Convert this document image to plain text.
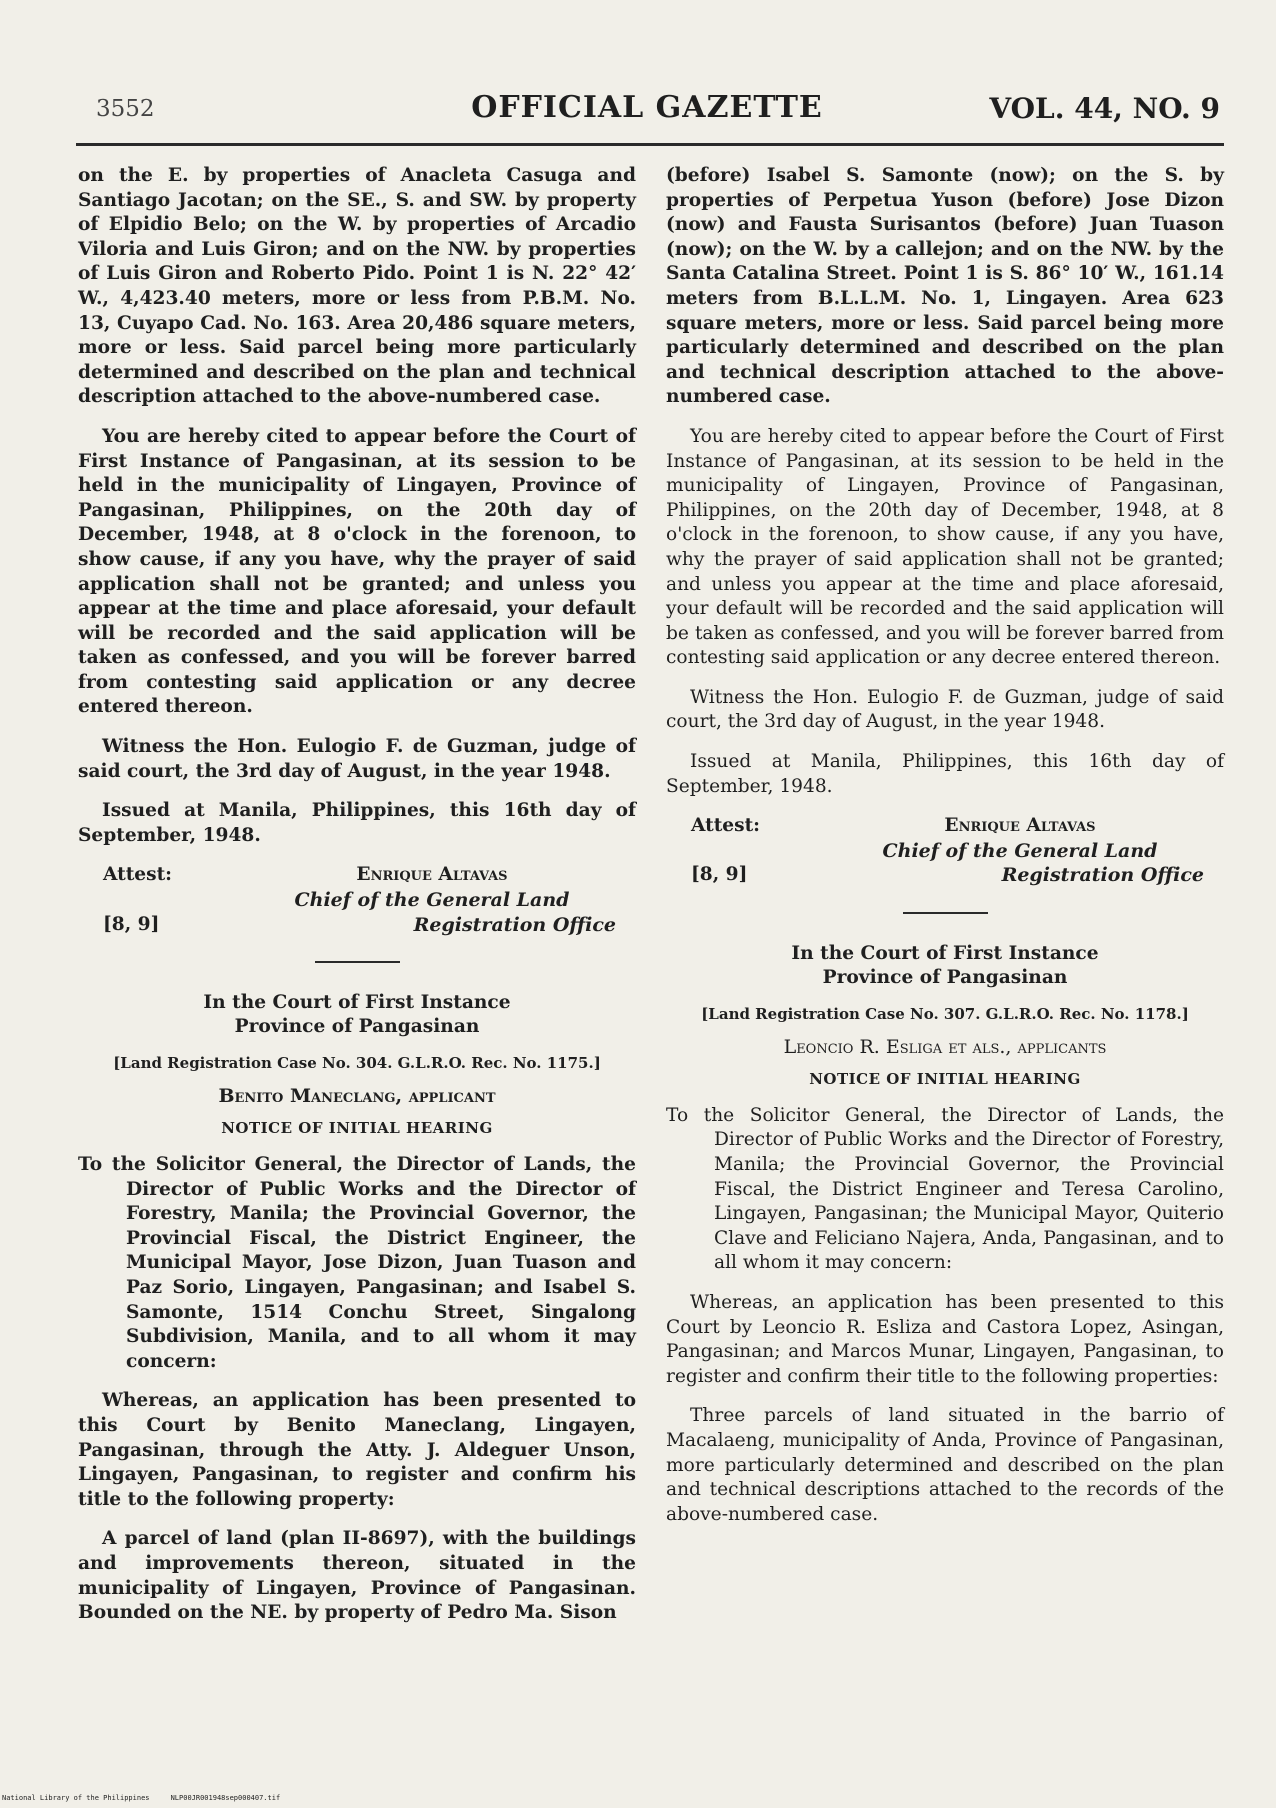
3552	OFFICIAL GAZETTE	VOL. 44, NO. 9

on the E. by properties of Anacleta Casuga and Santiago Jacotan; on the SE., S. and SW. by property of Elpidio Belo; on the W. by properties of Arcadio Viloria and Luis Giron; and on the NW. by properties of Luis Giron and Roberto Pido. Point 1 is N. 22° 42′ W., 4,423.40 meters, more or less from P.B.M. No. 13, Cuyapo Cad. No. 163. Area 20,486 square meters, more or less. Said parcel being more particularly determined and described on the plan and technical description attached to the above-numbered case.

You are hereby cited to appear before the Court of First Instance of Pangasinan, at its session to be held in the municipality of Lingayen, Province of Pangasinan, Philippines, on the 20th day of December, 1948, at 8 o'clock in the forenoon, to show cause, if any you have, why the prayer of said application shall not be granted; and unless you appear at the time and place aforesaid, your default will be recorded and the said application will be taken as confessed, and you will be forever barred from contesting said application or any decree entered thereon.

Witness the Hon. Eulogio F. de Guzman, judge of said court, the 3rd day of August, in the year 1948.

Issued at Manila, Philippines, this 16th day of September, 1948.

Attest:	Enrique Altavas
Chief of the General Land
[8, 9]	Registration Office
In the Court of First Instance
Province of Pangasinan
[Land Registration Case No. 304. G.L.R.O. Rec. No. 1175.]
Benito Maneclang, applicant
NOTICE OF INITIAL HEARING

To the Solicitor General, the Director of Lands, the Director of Public Works and the Director of Forestry, Manila; the Provincial Governor, the Provincial Fiscal, the District Engineer, the Municipal Mayor, Jose Dizon, Juan Tuason and Paz Sorio, Lingayen, Pangasinan; and Isabel S. Samonte, 1514 Conchu Street, Singalong Subdivision, Manila, and to all whom it may concern:

Whereas, an application has been presented to this Court by Benito Maneclang, Lingayen, Pangasinan, through the Atty. J. Aldeguer Unson, Lingayen, Pangasinan, to register and confirm his title to the following property:

A parcel of land (plan II-8697), with the buildings and improvements thereon, situated in the municipality of Lingayen, Province of Pangasinan. Bounded on the NE. by property of Pedro Ma. Sison

(before) Isabel S. Samonte (now); on the S. by properties of Perpetua Yuson (before) Jose Dizon (now) and Fausta Surisantos (before) Juan Tuason (now); on the W. by a callejon; and on the NW. by the Santa Catalina Street. Point 1 is S. 86° 10′ W., 161.14 meters from B.L.L.M. No. 1, Lingayen. Area 623 square meters, more or less. Said parcel being more particularly determined and described on the plan and technical description attached to the above-numbered case.

You are hereby cited to appear before the Court of First Instance of Pangasinan, at its session to be held in the municipality of Lingayen, Province of Pangasinan, Philippines, on the 20th day of December, 1948, at 8 o'clock in the forenoon, to show cause, if any you have, why the prayer of said application shall not be granted; and unless you appear at the time and place aforesaid, your default will be recorded and the said application will be taken as confessed, and you will be forever barred from contesting said application or any decree entered thereon.

Witness the Hon. Eulogio F. de Guzman, judge of said court, the 3rd day of August, in the year 1948.

Issued at Manila, Philippines, this 16th day of September, 1948.

Attest:	Enrique Altavas
Chief of the General Land
[8, 9]	Registration Office
In the Court of First Instance
Province of Pangasinan
[Land Registration Case No. 307. G.L.R.O. Rec. No. 1178.]
Leoncio R. Esliga et als., applicants
NOTICE OF INITIAL HEARING

To the Solicitor General, the Director of Lands, the Director of Public Works and the Director of Forestry, Manila; the Provincial Governor, the Provincial Fiscal, the District Engineer and Teresa Carolino, Lingayen, Pangasinan; the Municipal Mayor, Quiterio Clave and Feliciano Najera, Anda, Pangasinan, and to all whom it may concern:

Whereas, an application has been presented to this Court by Leoncio R. Esliza and Castora Lopez, Asingan, Pangasinan; and Marcos Munar, Lingayen, Pangasinan, to register and confirm their title to the following properties:

Three parcels of land situated in the barrio of Macalaeng, municipality of Anda, Province of Pangasinan, more particularly determined and described on the plan and technical descriptions attached to the records of the above-numbered case.

National Library of the Philippines	NLP00JR001948sep000407.tif
